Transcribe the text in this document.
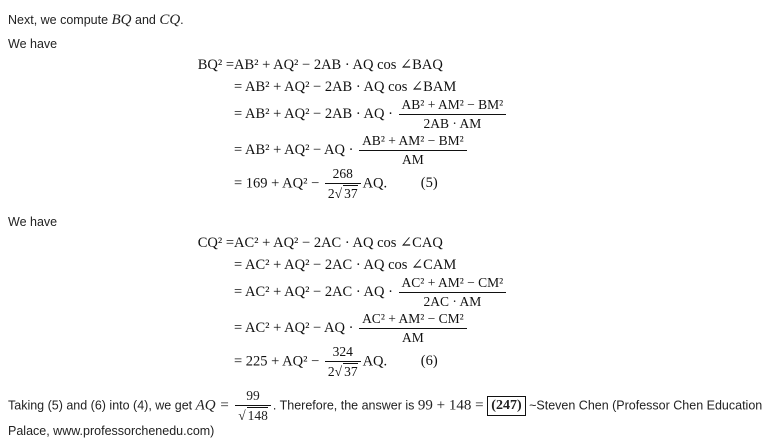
Next, we compute BQ and CQ.
We have
BQ² = AB² + AQ² − 2AB · AQ cos ∠BAQ
= AB² + AQ² − 2AB · AQ cos ∠BAM
= AB² + AQ² − 2AB · AQ · $\frac{\text{AB² + AM² − BM²}}{2AB \cdot AM}$
= AB² + AQ² − AQ · $\frac{\text{AB² + AM² − BM²}}{AM}$
= $169 + AQ^2 - \frac{268}{2√ 37}$ AQ. (5)
We have
CQ² = AC² + AQ² − 2AC · AQ cos ∠CAQ
= AC² + AQ² − 2AC · AQ cos ∠CAM
= AC² + AQ² − 2AC · AQ · $\frac{\text{AC² + AM² − CM²}}{2AC \cdot AM}$
= AC² + AQ² − AQ · $\frac{\text{AC² + AM² − CM²}}{AM}$
= $225 + AQ^2 - \frac{324}{2√ 37}$ AQ. (6)
Taking (5) and (6) into (4), we get AQ = $\frac{99}{√ 148}$ . Therefore, the answer is 99 + 148 = (247) ~Steven Chen (Professor Chen Education
Palace, www.professorchenedu.com)
